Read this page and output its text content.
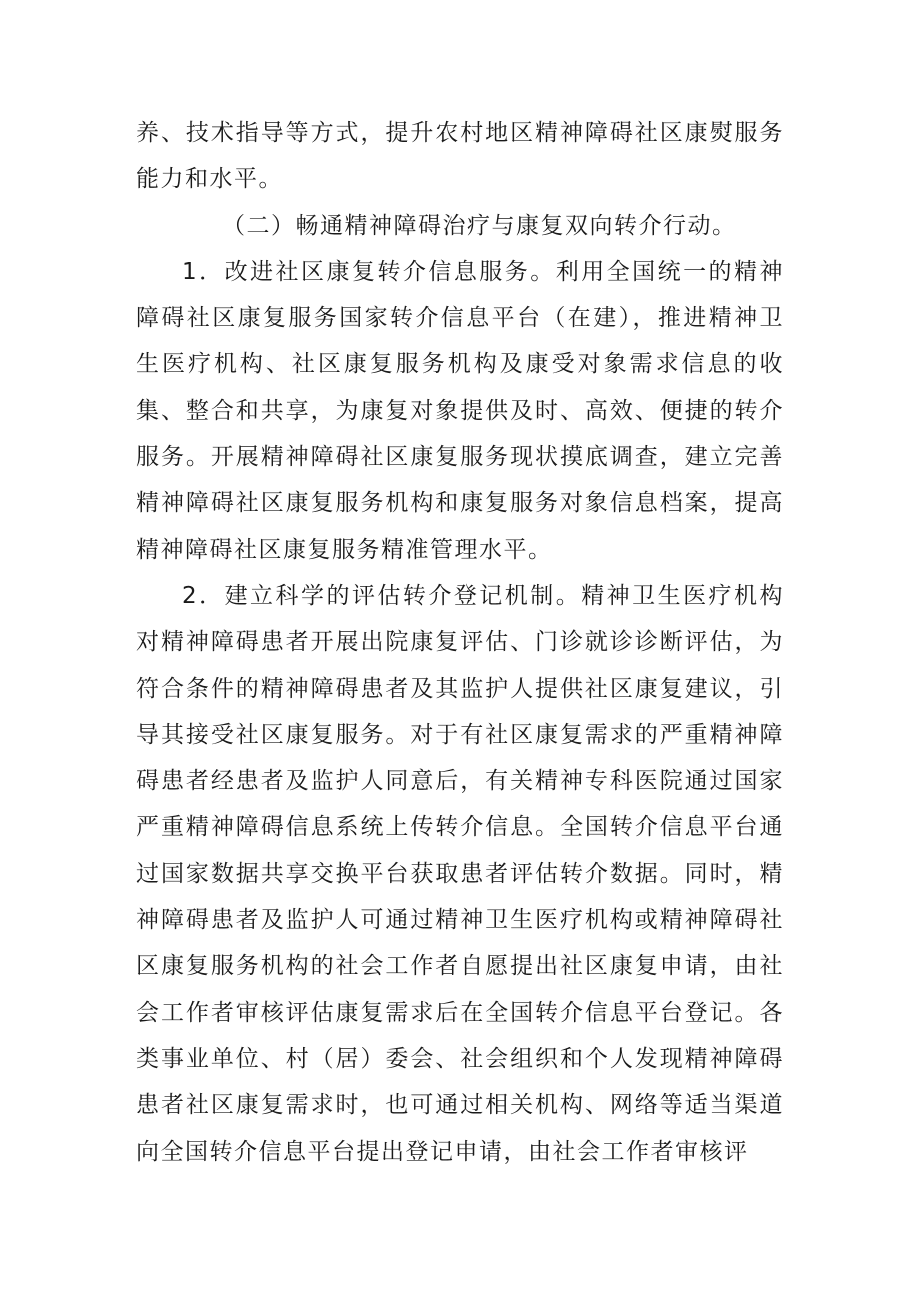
养、技术指导等方式，提升农村地区精神障碍社区康熨服务能力和水平。

（二）畅通精神障碍治疗与康复双向转介行动。

1．改进社区康复转介信息服务。利用全国统一的精神障碍社区康复服务国家转介信息平台（在建），推进精神卫生医疗机构、社区康复服务机构及康受对象需求信息的收集、整合和共享，为康复对象提供及时、高效、便捷的转介服务。开展精神障碍社区康复服务现状摸底调查，建立完善精神障碍社区康复服务机构和康复服务对象信息档案，提高精神障碍社区康复服务精准管理水平。

2．建立科学的评估转介登记机制。精神卫生医疗机构对精神障碍患者开展出院康复评估、门诊就诊诊断评估，为符合条件的精神障碍患者及其监护人提供社区康复建议，引导其接受社区康复服务。对于有社区康复需求的严重精神障碍患者经患者及监护人同意后，有关精神专科医院通过国家严重精神障碍信息系统上传转介信息。全国转介信息平台通过国家数据共享交换平台获取患者评估转介数据。同时，精神障碍患者及监护人可通过精神卫生医疗机构或精神障碍社区康复服务机构的社会工作者自愿提出社区康复申请，由社会工作者审核评估康复需求后在全国转介信息平台登记。各类事业单位、村（居）委会、社会组织和个人发现精神障碍患者社区康复需求时，也可通过相关机构、网络等适当渠道向全国转介信息平台提出登记申请，由社会工作者审核评
